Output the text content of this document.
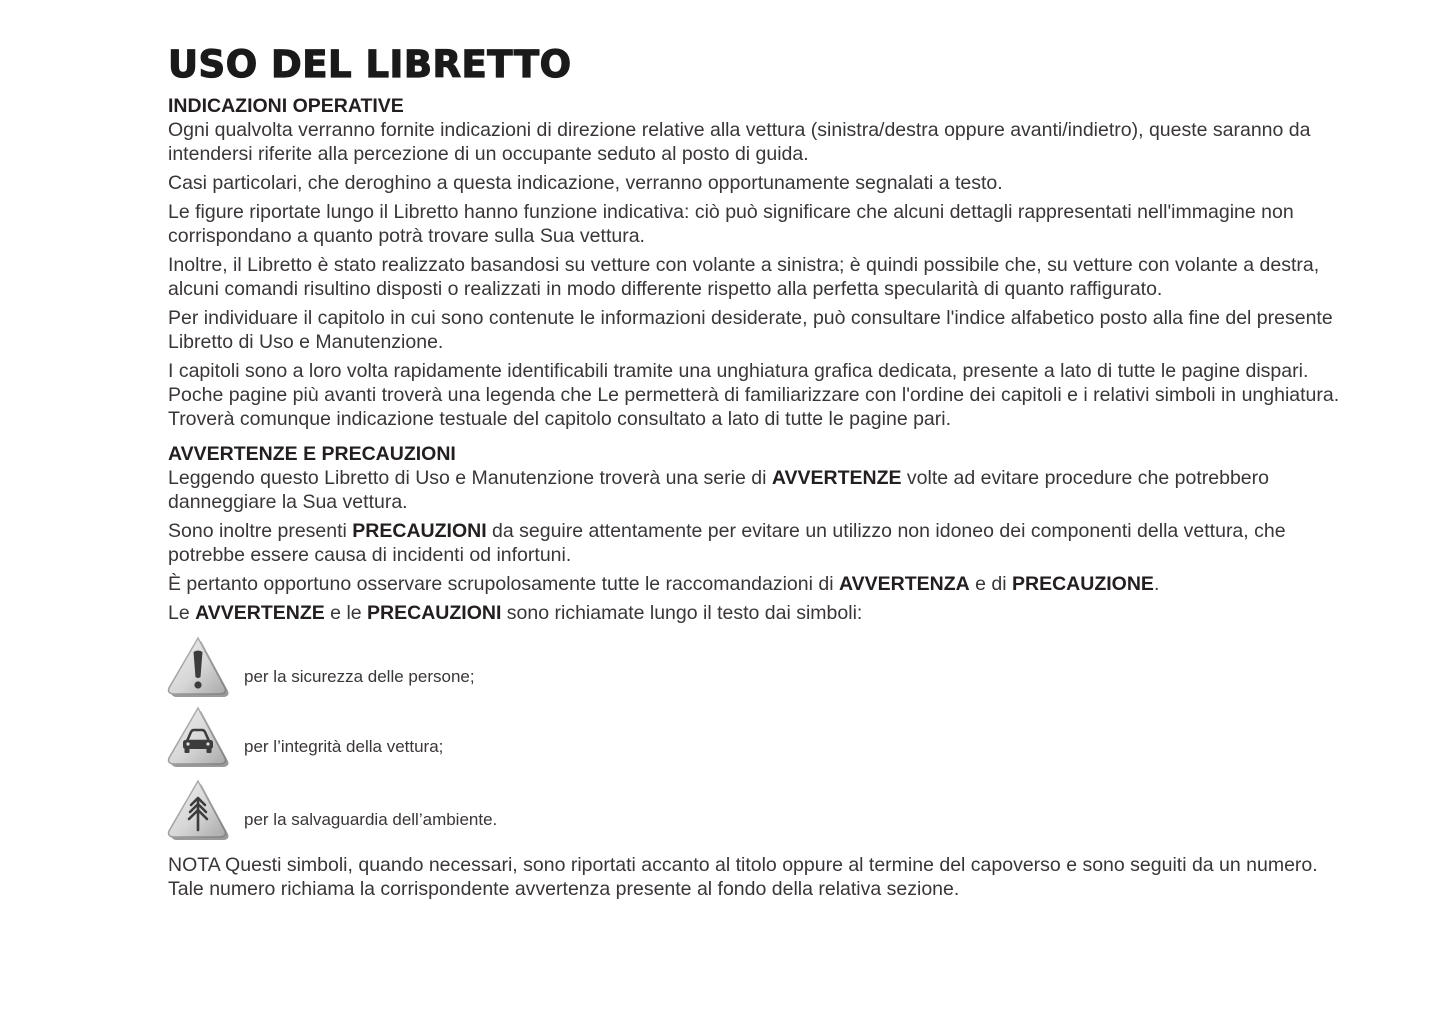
USO DEL LIBRETTO
INDICAZIONI OPERATIVE

Ogni qualvolta verranno fornite indicazioni di direzione relative alla vettura (sinistra/destra oppure avanti/indietro), queste saranno da intendersi riferite alla percezione di un occupante seduto al posto di guida.

Casi particolari, che deroghino a questa indicazione, verranno opportunamente segnalati a testo.

Le figure riportate lungo il Libretto hanno funzione indicativa: ciò può significare che alcuni dettagli rappresentati nell'immagine non corrispondano a quanto potrà trovare sulla Sua vettura.

Inoltre, il Libretto è stato realizzato basandosi su vetture con volante a sinistra; è quindi possibile che, su vetture con volante a destra, alcuni comandi risultino disposti o realizzati in modo differente rispetto alla perfetta specularità di quanto raffigurato.

Per individuare il capitolo in cui sono contenute le informazioni desiderate, può consultare l'indice alfabetico posto alla fine del presente Libretto di Uso e Manutenzione.

I capitoli sono a loro volta rapidamente identificabili tramite una unghiatura grafica dedicata, presente a lato di tutte le pagine dispari. Poche pagine più avanti troverà una legenda che Le permetterà di familiarizzare con l'ordine dei capitoli e i relativi simboli in unghiatura. Troverà comunque indicazione testuale del capitolo consultato a lato di tutte le pagine pari.

AVVERTENZE E PRECAUZIONI

Leggendo questo Libretto di Uso e Manutenzione troverà una serie di AVVERTENZE volte ad evitare procedure che potrebbero danneggiare la Sua vettura.

Sono inoltre presenti PRECAUZIONI da seguire attentamente per evitare un utilizzo non idoneo dei componenti della vettura, che potrebbe essere causa di incidenti od infortuni.

È pertanto opportuno osservare scrupolosamente tutte le raccomandazioni di AVVERTENZA e di PRECAUZIONE.

Le AVVERTENZE e le PRECAUZIONI sono richiamate lungo il testo dai simboli:

per la sicurezza delle persone;
per l’integrità della vettura;
per la salvaguardia dell’ambiente.

NOTA Questi simboli, quando necessari, sono riportati accanto al titolo oppure al termine del capoverso e sono seguiti da un numero. Tale numero richiama la corrispondente avvertenza presente al fondo della relativa sezione.
